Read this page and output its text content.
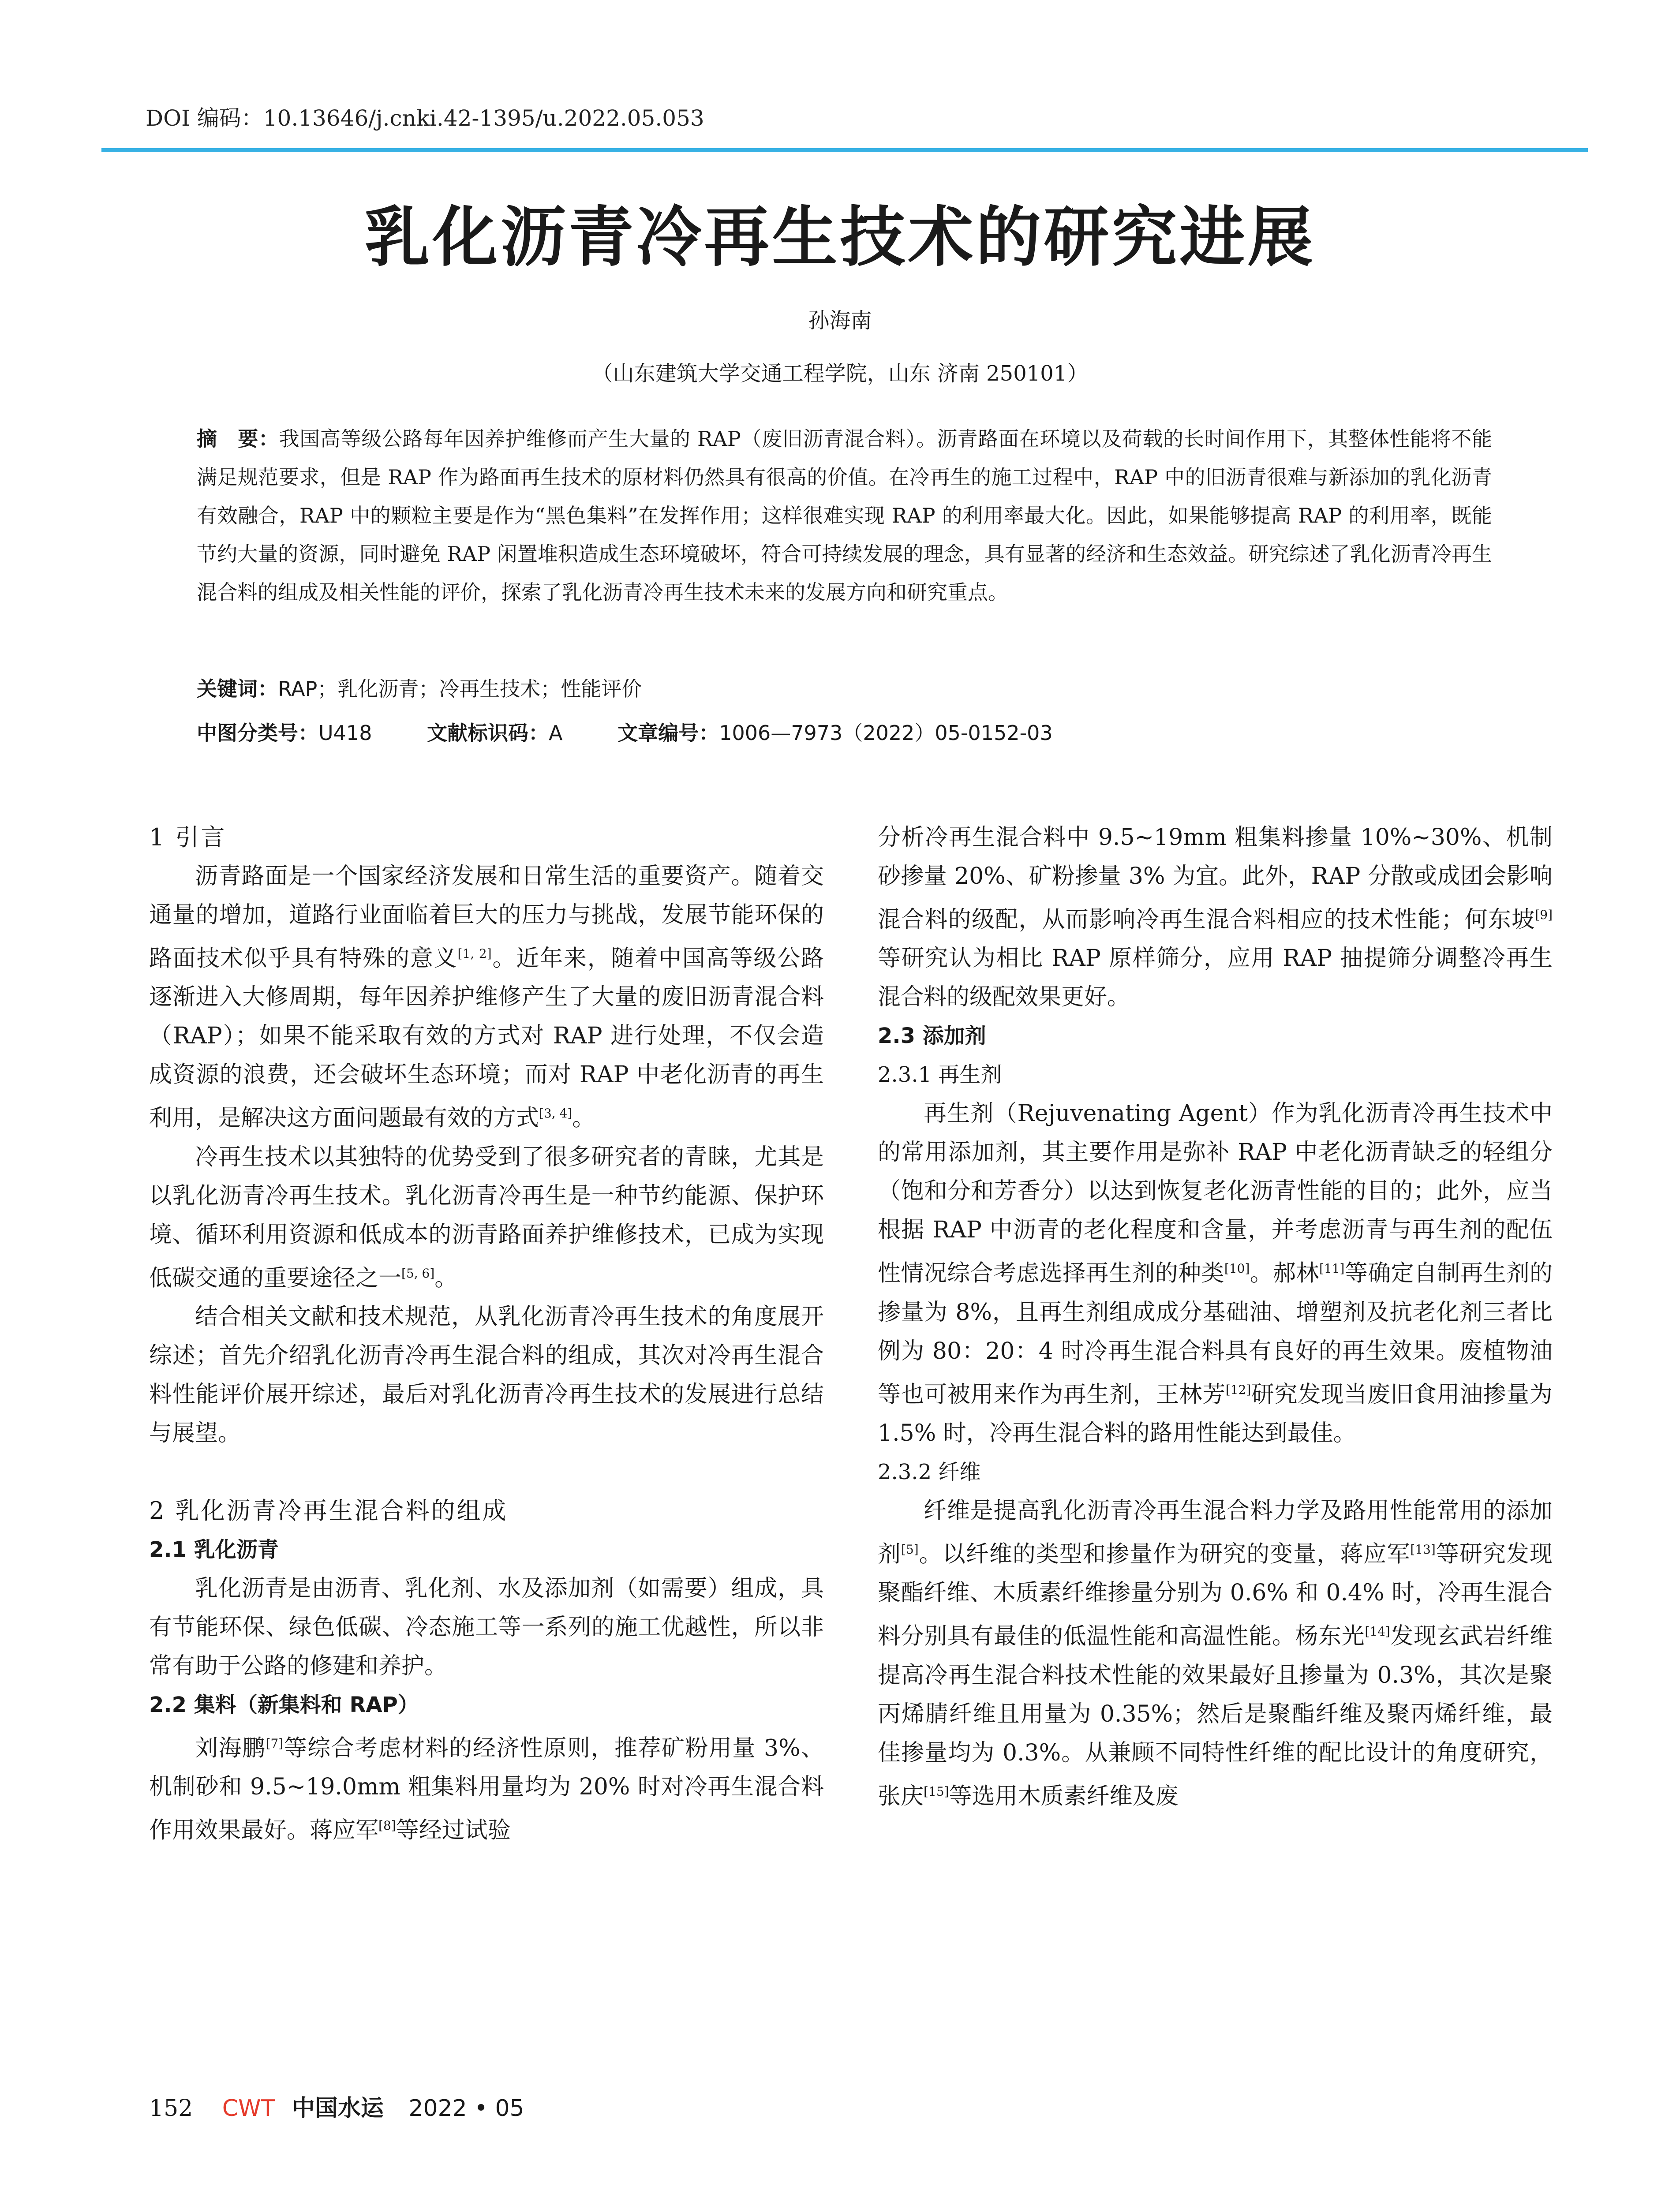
DOI 编码：10.13646/j.cnki.42-1395/u.2022.05.053
乳化沥青冷再生技术的研究进展
孙海南
（山东建筑大学交通工程学院，山东 济南 250101）
摘　要：我国高等级公路每年因养护维修而产生大量的 RAP（废旧沥青混合料）。沥青路面在环境以及荷载的长时间作用下，其整体性能将不能满足规范要求，但是 RAP 作为路面再生技术的原材料仍然具有很高的价值。在冷再生的施工过程中，RAP 中的旧沥青很难与新添加的乳化沥青有效融合，RAP 中的颗粒主要是作为“黑色集料”在发挥作用；这样很难实现 RAP 的利用率最大化。因此，如果能够提高 RAP 的利用率，既能节约大量的资源，同时避免 RAP 闲置堆积造成生态环境破坏，符合可持续发展的理念，具有显著的经济和生态效益。研究综述了乳化沥青冷再生混合料的组成及相关性能的评价，探索了乳化沥青冷再生技术未来的发展方向和研究重点。
关键词：RAP；乳化沥青；冷再生技术；性能评价
中图分类号：U418	文献标识码：A	文章编号：1006—7973（2022）05-0152-03
1 引言

沥青路面是一个国家经济发展和日常生活的重要资产。随着交通量的增加，道路行业面临着巨大的压力与挑战，发展节能环保的路面技术似乎具有特殊的意义[1, 2]。近年来，随着中国高等级公路逐渐进入大修周期，每年因养护维修产生了大量的废旧沥青混合料（RAP）；如果不能采取有效的方式对 RAP 进行处理，不仅会造成资源的浪费，还会破坏生态环境；而对 RAP 中老化沥青的再生利用，是解决这方面问题最有效的方式[3, 4]。

冷再生技术以其独特的优势受到了很多研究者的青睐，尤其是以乳化沥青冷再生技术。乳化沥青冷再生是一种节约能源、保护环境、循环利用资源和低成本的沥青路面养护维修技术，已成为实现低碳交通的重要途径之一[5, 6]。

结合相关文献和技术规范，从乳化沥青冷再生技术的角度展开综述；首先介绍乳化沥青冷再生混合料的组成，其次对冷再生混合料性能评价展开综述，最后对乳化沥青冷再生技术的发展进行总结与展望。

2 乳化沥青冷再生混合料的组成
2.1 乳化沥青

乳化沥青是由沥青、乳化剂、水及添加剂（如需要）组成，具有节能环保、绿色低碳、冷态施工等一系列的施工优越性，所以非常有助于公路的修建和养护。

2.2 集料（新集料和 RAP）

刘海鹏[7]等综合考虑材料的经济性原则，推荐矿粉用量 3%、机制砂和 9.5~19.0mm 粗集料用量均为 20% 时对冷再生混合料作用效果最好。蒋应军[8]等经过试验

分析冷再生混合料中 9.5~19mm 粗集料掺量 10%~30%、机制砂掺量 20%、矿粉掺量 3% 为宜。此外，RAP 分散或成团会影响混合料的级配，从而影响冷再生混合料相应的技术性能；何东坡[9]等研究认为相比 RAP 原样筛分，应用 RAP 抽提筛分调整冷再生混合料的级配效果更好。

2.3 添加剂
2.3.1 再生剂

再生剂（Rejuvenating Agent）作为乳化沥青冷再生技术中的常用添加剂，其主要作用是弥补 RAP 中老化沥青缺乏的轻组分（饱和分和芳香分）以达到恢复老化沥青性能的目的；此外，应当根据 RAP 中沥青的老化程度和含量，并考虑沥青与再生剂的配伍性情况综合考虑选择再生剂的种类[10]。郝林[11]等确定自制再生剂的掺量为 8%，且再生剂组成成分基础油、增塑剂及抗老化剂三者比例为 80：20：4 时冷再生混合料具有良好的再生效果。废植物油等也可被用来作为再生剂，王林芳[12]研究发现当废旧食用油掺量为 1.5% 时，冷再生混合料的路用性能达到最佳。

2.3.2 纤维

纤维是提高乳化沥青冷再生混合料力学及路用性能常用的添加剂[5]。以纤维的类型和掺量作为研究的变量，蒋应军[13]等研究发现聚酯纤维、木质素纤维掺量分别为 0.6% 和 0.4% 时，冷再生混合料分别具有最佳的低温性能和高温性能。杨东光[14]发现玄武岩纤维提高冷再生混合料技术性能的效果最好且掺量为 0.3%，其次是聚丙烯腈纤维且用量为 0.35%；然后是聚酯纤维及聚丙烯纤维，最佳掺量均为 0.3%。从兼顾不同特性纤维的配比设计的角度研究，张庆[15]等选用木质素纤维及废

152 CWT 中国水运 2022 • 05
